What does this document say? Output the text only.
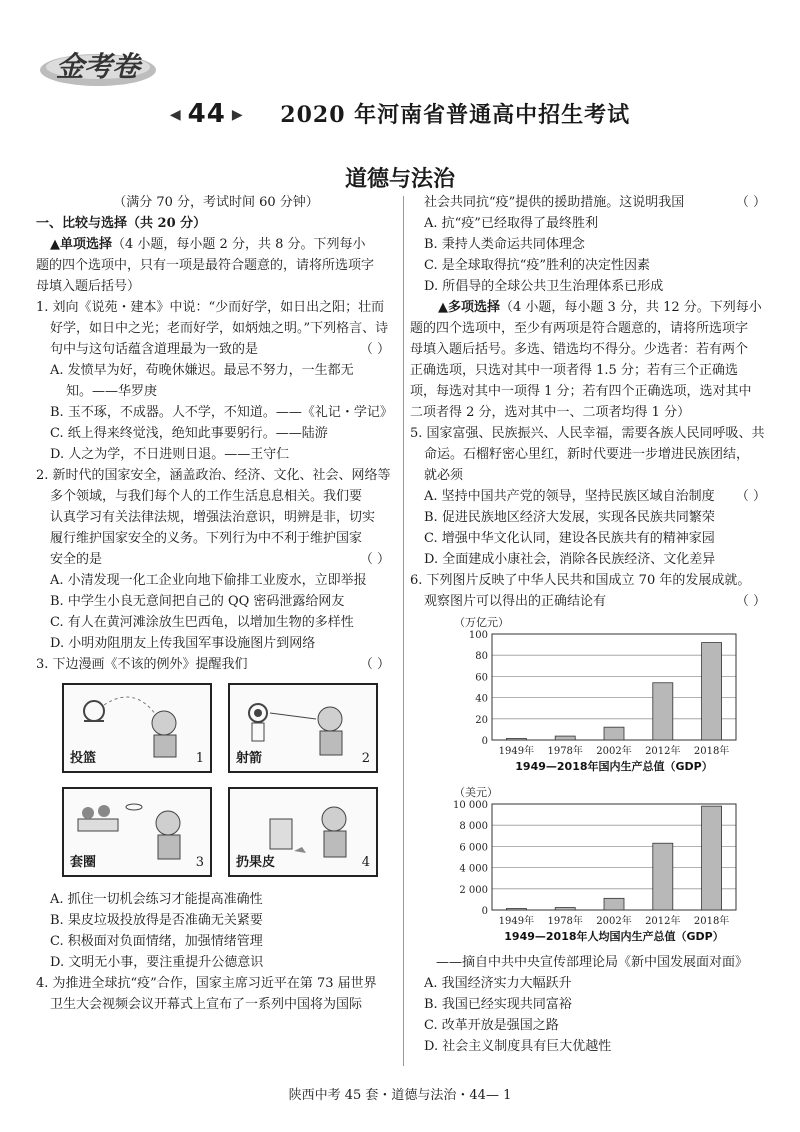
金考卷
◀ 44 ▶ 2020 年河南省普通高中招生考试
道德与法治
（满分 70 分，考试时间 60 分钟）
一、比较与选择（共 20 分）
▲单项选择（4 小题，每小题 2 分，共 8 分。下列每小
题的四个选项中，只有一项是最符合题意的，请将所选项字
母填入题后括号）
1. 刘向《说苑・建本》中说：“少而好学，如日出之阳；壮而
好学，如日中之光；老而好学，如炳烛之明。”下列格言、诗
句中与这句话蕴含道理最为一致的是	（ ）
A. 发愤早为好，苟晚休嫌迟。最忌不努力，一生都无
知。——华罗庚
B. 玉不琢，不成器。人不学，不知道。——《礼记・学记》
C. 纸上得来终觉浅，绝知此事要躬行。——陆游
D. 人之为学，不日进则日退。——王守仁
2. 新时代的国家安全，涵盖政治、经济、文化、社会、网络等
多个领域，与我们每个人的工作生活息息相关。我们要
认真学习有关法律法规，增强法治意识，明辨是非，切实
履行维护国家安全的义务。下列行为中不利于维护国家
安全的是	（ ）
A. 小清发现一化工企业向地下偷排工业废水，立即举报
B. 中学生小良无意间把自己的 QQ 密码泄露给网友
C. 有人在黄河滩涂放生巴西龟，以增加生物的多样性
D. 小明劝阻朋友上传我国军事设施图片到网络
3. 下边漫画《不该的例外》提醒我们	（ ）
投篮	1 射箭	2
套圈	3 扔果皮	4
A. 抓住一切机会练习才能提高准确性
B. 果皮垃圾投放得是否准确无关紧要
C. 积极面对负面情绪，加强情绪管理
D. 文明无小事，要注重提升公德意识
4. 为推进全球抗“疫”合作，国家主席习近平在第 73 届世界
卫生大会视频会议开幕式上宣布了一系列中国将为国际
社会共同抗“疫”提供的援助措施。这说明我国	（ ）
A. 抗“疫”已经取得了最终胜利
B. 秉持人类命运共同体理念
C. 是全球取得抗“疫”胜利的决定性因素
D. 所倡导的全球公共卫生治理体系已形成
▲多项选择（4 小题，每小题 3 分，共 12 分。下列每小
题的四个选项中，至少有两项是符合题意的，请将所选项字
母填入题后括号。多选、错选均不得分。少选者：若有两个
正确选项，只选对其中一项者得 1.5 分；若有三个正确选
项，每选对其中一项得 1 分；若有四个正确选项，选对其中
二项者得 2 分，选对其中一、二项者均得 1 分）
5. 国家富强、民族振兴、人民幸福，需要各族人民同呼吸、共
命运。石榴籽密心里红，新时代要进一步增进民族团结，
就必须
（ ）
A. 坚持中国共产党的领导，坚持民族区域自治制度
B. 促进民族地区经济大发展，实现各民族共同繁荣
C. 增强中华文化认同，建设各民族共有的精神家园
D. 全面建成小康社会，消除各民族经济、文化差异
6. 下列图片反映了中华人民共和国成立 70 年的发展成就。
观察图片可以得出的正确结论有	（ ）
（万亿元）
0
20
40
60
80
100
1949年 1978年 2002年 2012年 2018年
1949—2018年国内生产总值（GDP）
（美元）
0
2 000
4 000
6 000
8 000
10 000
1949年 1978年 2002年 2012年 2018年
1949—2018年人均国内生产总值（GDP）
——摘自中共中央宣传部理论局《新中国发展面对面》
A. 我国经济实力大幅跃升
B. 我国已经实现共同富裕
C. 改革开放是强国之路
D. 社会主义制度具有巨大优越性
陕西中考 45 套・道德与法治・44— 1
